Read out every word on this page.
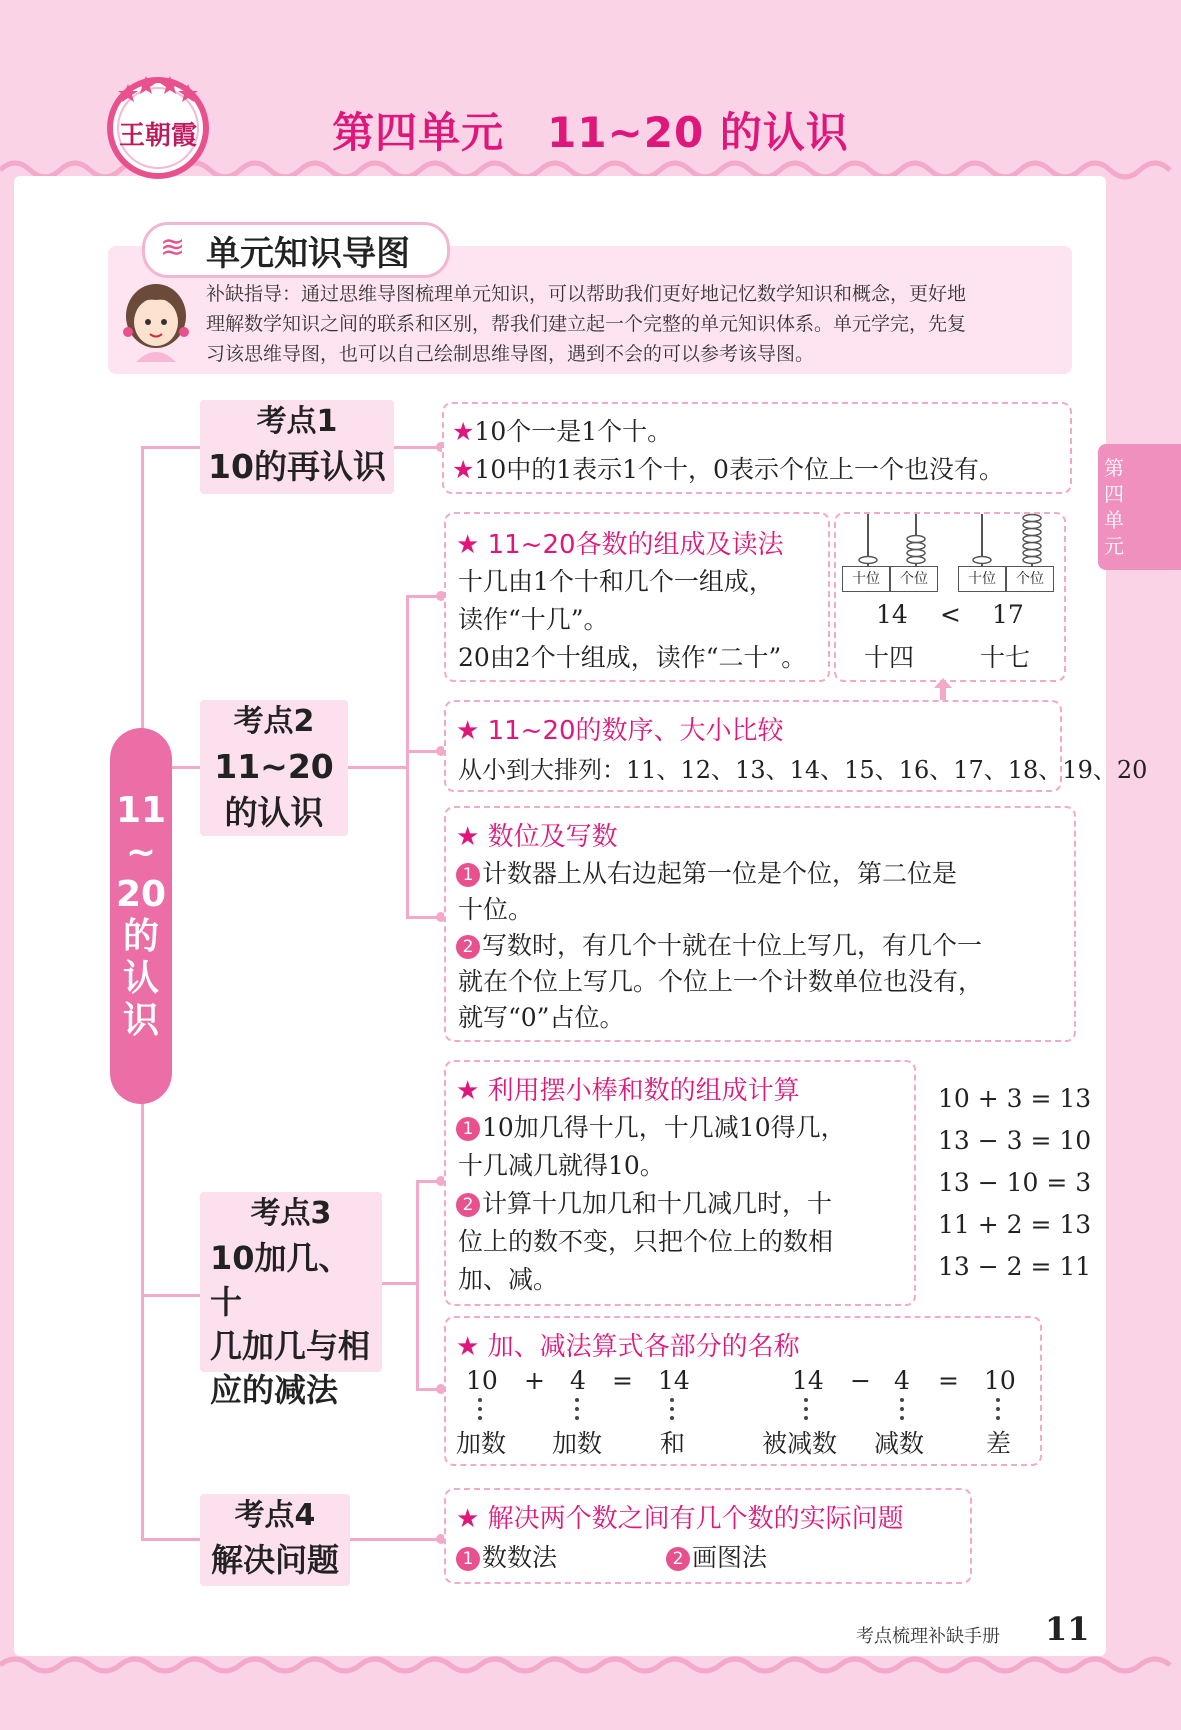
王朝霞	第四单元　11~20 的认识
第四单元
≋ 单元知识导图
补缺指导：通过思维导图梳理单元知识，可以帮助我们更好地记忆数学知识和概念，更好地
理解数学知识之间的联系和区别，帮我们建立起一个完整的单元知识体系。单元学完，先复
习该思维导图，也可以自己绘制思维导图，遇到不会的可以参考该导图。
考点1
10的再认识
★10个一是1个十。
★10中的1表示1个十，0表示个位上一个也没有。
考点2
11~20
的认识
★ 11~20各数的组成及读法
十几由1个十和几个一组成，
读作“十几”。
20由2个十组成，读作“二十”。
十位	个位	十位	个位
14 < 17
十四	十七
★ 11~20的数序、大小比较
从小到大排列：11、12、13、14、15、16、17、18、19、20
★ 数位及写数
1 计数器上从右边起第一位是个位，第二位是
十位。
2 写数时，有几个十就在十位上写几，有几个一
就在个位上写几。个位上一个计数单位也没有，
就写“0”占位。
11
~
20
的
认
识
考点3
10加几、十
几加几与相
应的减法
★ 利用摆小棒和数的组成计算
1 10加几得十几，十几减10得几，
十几减几就得10。
2 计算十几加几和十几减几时，十
位上的数不变，只把个位上的数相
加、减。
10 + 3 = 13
13 − 3 = 10
13 − 10 = 3
11 + 2 = 13
13 − 2 = 11
★ 加、减法算式各部分的名称
10 + 4 = 14	14 − 4 = 10
加数 加数 和	被减数 减数 差
考点4
解决问题
★ 解决两个数之间有几个数的实际问题
1 数数法	2 画图法
考点梳理补缺手册 11
